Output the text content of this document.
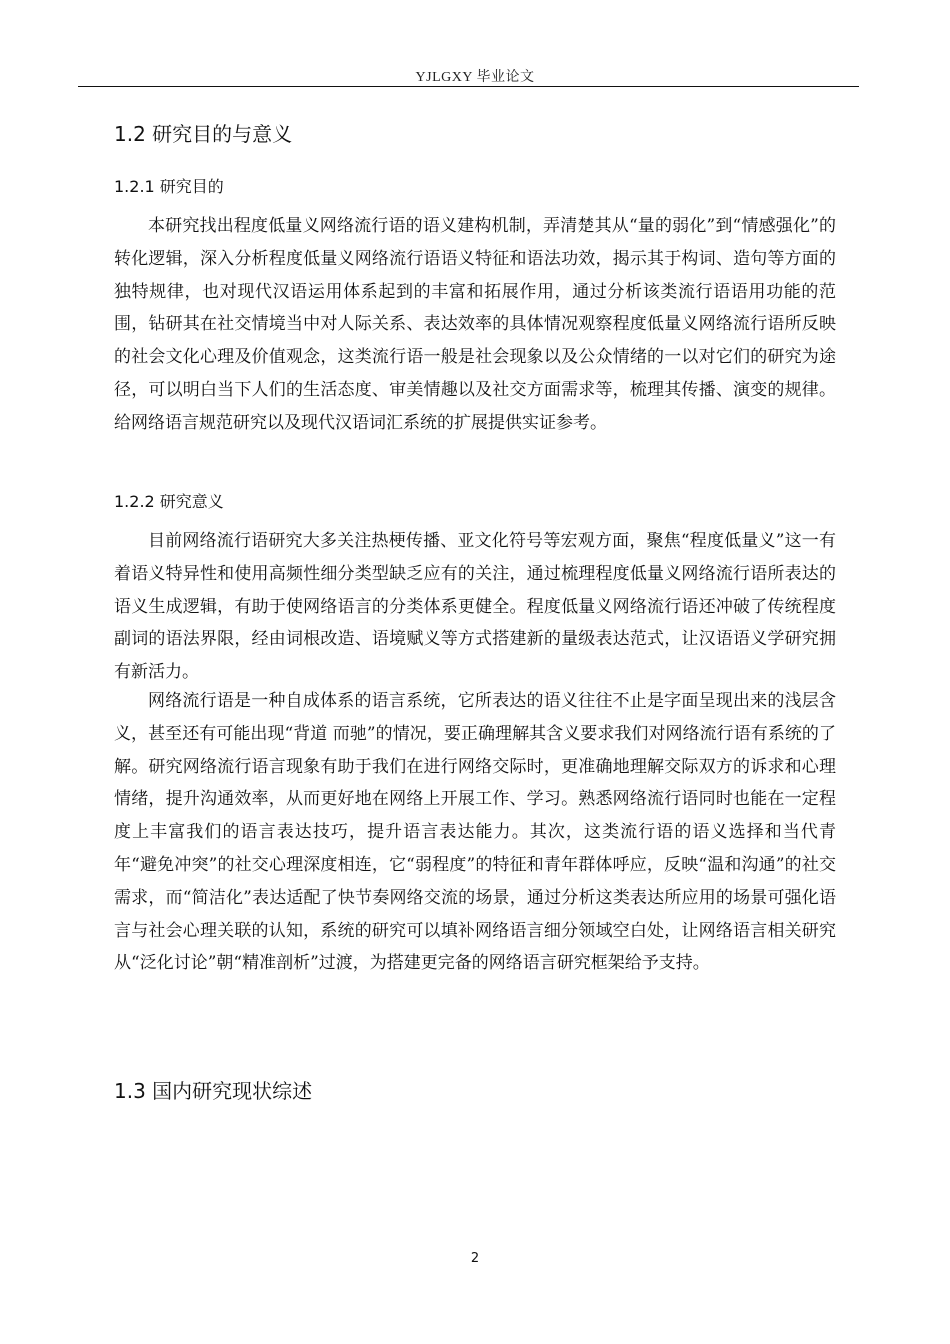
YJLGXY 毕业论文
1.2 研究目的与意义
1.2.1 研究目的

本研究找出程度低量义网络流行语的语义建构机制，弄清楚其从“量的弱化”到“情感强化”的转化逻辑，深入分析程度低量义网络流行语语义特征和语法功效，揭示其于构词、造句等方面的独特规律，也对现代汉语运用体系起到的丰富和拓展作用，通过分析该类流行语语用功能的范围，钻研其在社交情境当中对人际关系、表达效率的具体情况观察程度低量义网络流行语所反映的社会文化心理及价值观念，这类流行语一般是社会现象以及公众情绪的一以对它们的研究为途径，可以明白当下人们的生活态度、审美情趣以及社交方面需求等，梳理其传播、演变的规律。给网络语言规范研究以及现代汉语词汇系统的扩展提供实证参考。

1.2.2 研究意义

目前网络流行语研究大多关注热梗传播、亚文化符号等宏观方面，聚焦“程度低量义”这一有着语义特异性和使用高频性细分类型缺乏应有的关注，通过梳理程度低量义网络流行语所表达的语义生成逻辑，有助于使网络语言的分类体系更健全。程度低量义网络流行语还冲破了传统程度副词的语法界限，经由词根改造、语境赋义等方式搭建新的量级表达范式，让汉语语义学研究拥有新活力。

网络流行语是一种自成体系的语言系统，它所表达的语义往往不止是字面呈现出来的浅层含义，甚至还有可能出现“背道 而驰”的情况，要正确理解其含义要求我们对网络流行语有系统的了解。研究网络流行语言现象有助于我们在进行网络交际时，更准确地理解交际双方的诉求和心理情绪，提升沟通效率，从而更好地在网络上开展工作、学习。熟悉网络流行语同时也能在一定程度上丰富我们的语言表达技巧，提升语言表达能力。其次，这类流行语的语义选择和当代青年“避免冲突”的社交心理深度相连，它“弱程度”的特征和青年群体呼应，反映“温和沟通”的社交需求，而“简洁化”表达适配了快节奏网络交流的场景，通过分析这类表达所应用的场景可强化语言与社会心理关联的认知，系统的研究可以填补网络语言细分领域空白处，让网络语言相关研究从“泛化讨论”朝“精准剖析”过渡，为搭建更完备的网络语言研究框架给予支持。

1.3 国内研究现状综述
2
